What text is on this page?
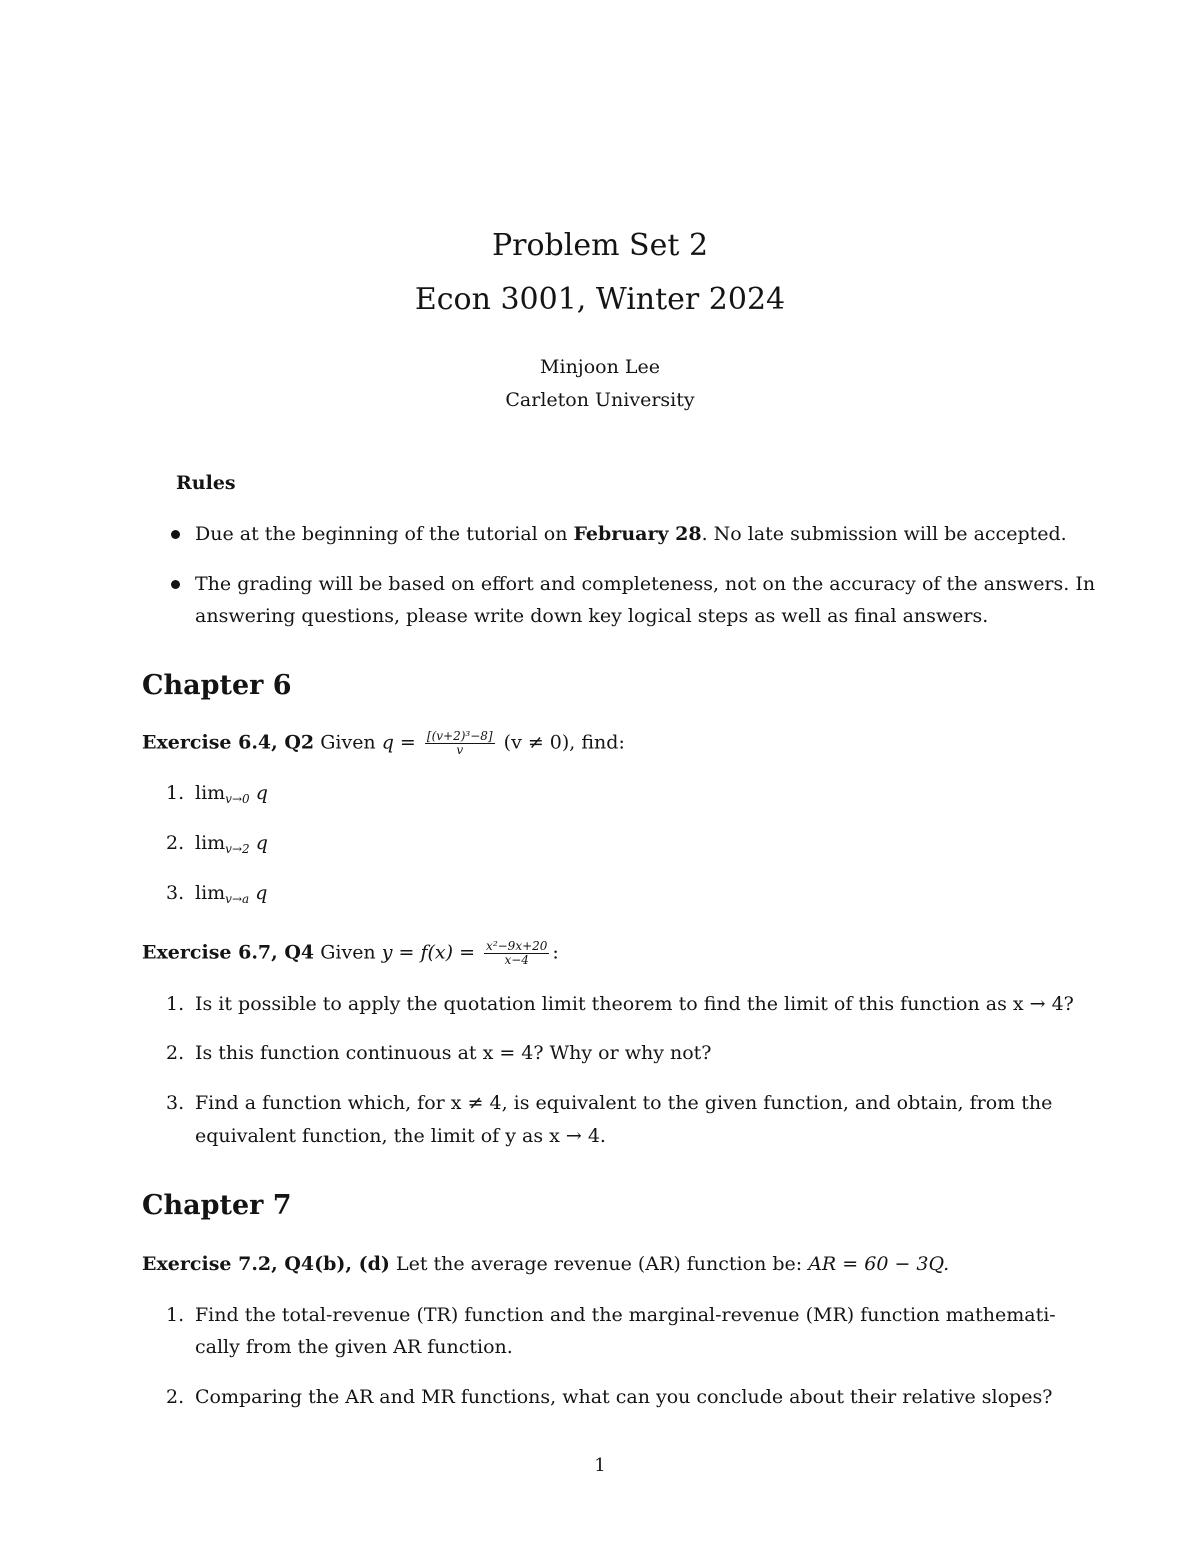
Problem Set 2
Econ 3001, Winter 2024
Minjoon Lee
Carleton University
Rules
Due at the beginning of the tutorial on February 28. No late submission will be accepted.
The grading will be based on effort and completeness, not on the accuracy of the answers. In
answering questions, please write down key logical steps as well as final answers.
Chapter 6
Exercise 6.4, Q2 Given $q = \frac{\text{[(v+2)³−8]}}{v} (v \ne 0)$, find:
1. $\lim_{v\to 0} q$
2. $\lim_{v\to 2} q$
3. $\lim_{v\to a} q$
Exercise 6.7, Q4 Given $y = f(x) = \frac{\text{x²−9x+20}}{x-4}$ :
1. Is it possible to apply the quotation limit theorem to find the limit of this function as x → 4?
2. Is this function continuous at x = 4? Why or why not?
3. Find a function which, for x ≠ 4, is equivalent to the given function, and obtain, from the
equivalent function, the limit of y as x → 4.
Chapter 7
Exercise 7.2, Q4(b), (d) Let the average revenue (AR) function be: AR = 60 − 3Q.
1. Find the total-revenue (TR) function and the marginal-revenue (MR) function mathemati-
cally from the given AR function.
2. Comparing the AR and MR functions, what can you conclude about their relative slopes?
1
